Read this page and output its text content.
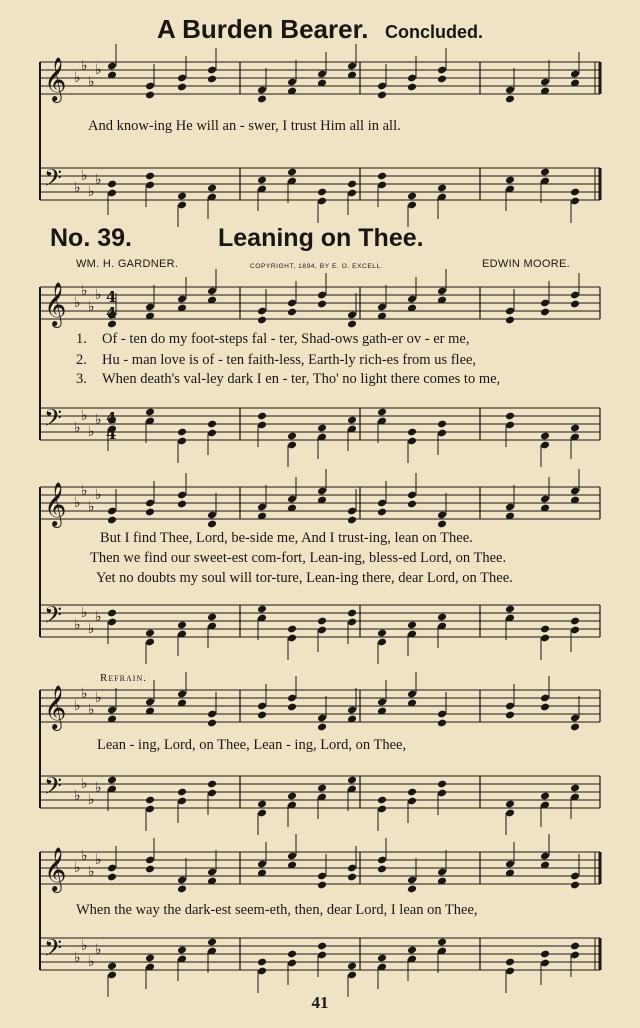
A Burden Bearer. Concluded.
And know-ing He will an - swer, I trust Him all in all.
No. 39.	Leaning on Thee.
WM. H. GARDNER.	COPYRIGHT, 1894, BY E. O. EXCELL.	EDWIN MOORE.
1. Of - ten do my foot-steps fal - ter, Shad-ows gath-er ov - er me,
2. Hu - man love is of - ten faith-less, Earth-ly rich-es from us flee,
3. When death's val-ley dark I en - ter, Tho' no light there comes to me,
But I find Thee, Lord, be-side me, And I trust-ing, lean on Thee.
Then we find our sweet-est com-fort, Lean-ing, bless-ed Lord, on Thee.
Yet no doubts my soul will tor-ture, Lean-ing there, dear Lord, on Thee.
Refrain.
Lean - ing, Lord, on Thee, Lean - ing, Lord, on Thee,
When the way the dark-est seem-eth, then, dear Lord, I lean on Thee,
𝄞 ♭
♭
♭
♭
𝄢 ♭
♭
♭
♭
𝄞 ♭
♭
♭
♭
𝄢 ♭
♭
♭
♭
𝄞 ♭
♭
♭
♭
𝄢 ♭
♭
♭
♭
𝄞 ♭
♭
♭
♭
𝄢 ♭
♭
♭
♭
𝄞 ♭
♭
♭
♭
𝄢 ♭
♭
♭
♭
4
4
4
4
41
